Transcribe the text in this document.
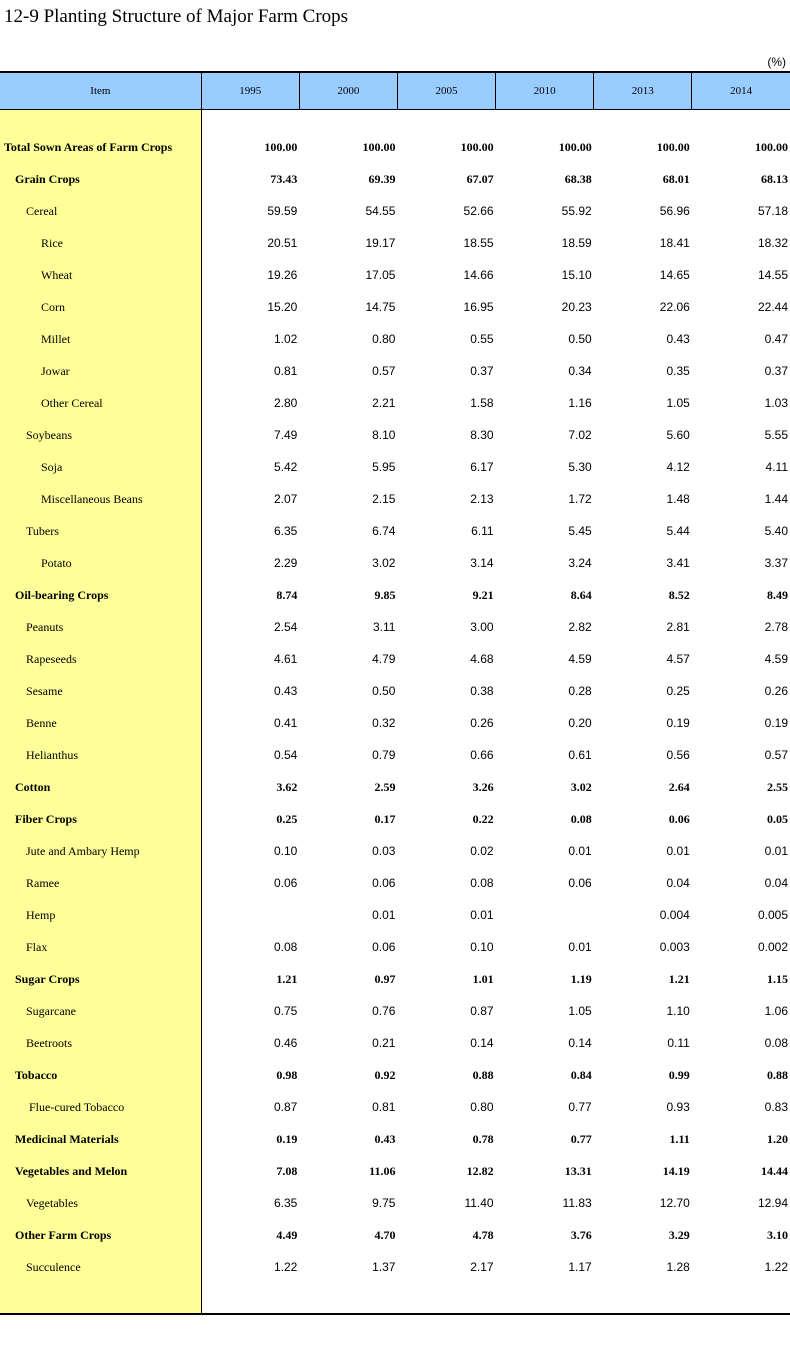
12-9 Planting Structure of Major Farm Crops
(%)
Item	1995	2000	2005	2010	2013	2014

Total Sown Areas of Farm Crops	100.00	100.00	100.00	100.00	100.00	100.00
Grain Crops	73.43	69.39	67.07	68.38	68.01	68.13
Cereal	59.59	54.55	52.66	55.92	56.96	57.18
Rice	20.51	19.17	18.55	18.59	18.41	18.32
Wheat	19.26	17.05	14.66	15.10	14.65	14.55
Corn	15.20	14.75	16.95	20.23	22.06	22.44
Millet	1.02	0.80	0.55	0.50	0.43	0.47
Jowar	0.81	0.57	0.37	0.34	0.35	0.37
Other Cereal	2.80	2.21	1.58	1.16	1.05	1.03
Soybeans	7.49	8.10	8.30	7.02	5.60	5.55
Soja	5.42	5.95	6.17	5.30	4.12	4.11
Miscellaneous Beans	2.07	2.15	2.13	1.72	1.48	1.44
Tubers	6.35	6.74	6.11	5.45	5.44	5.40
Potato	2.29	3.02	3.14	3.24	3.41	3.37
Oil-bearing Crops	8.74	9.85	9.21	8.64	8.52	8.49
Peanuts	2.54	3.11	3.00	2.82	2.81	2.78
Rapeseeds	4.61	4.79	4.68	4.59	4.57	4.59
Sesame	0.43	0.50	0.38	0.28	0.25	0.26
Benne	0.41	0.32	0.26	0.20	0.19	0.19
Helianthus	0.54	0.79	0.66	0.61	0.56	0.57
Cotton	3.62	2.59	3.26	3.02	2.64	2.55
Fiber Crops	0.25	0.17	0.22	0.08	0.06	0.05
Jute and Ambary Hemp	0.10	0.03	0.02	0.01	0.01	0.01
Ramee	0.06	0.06	0.08	0.06	0.04	0.04
Hemp		0.01	0.01		0.004	0.005
Flax	0.08	0.06	0.10	0.01	0.003	0.002
Sugar Crops	1.21	0.97	1.01	1.19	1.21	1.15
Sugarcane	0.75	0.76	0.87	1.05	1.10	1.06
Beetroots	0.46	0.21	0.14	0.14	0.11	0.08
Tobacco	0.98	0.92	0.88	0.84	0.99	0.88
Flue-cured Tobacco	0.87	0.81	0.80	0.77	0.93	0.83
Medicinal Materials	0.19	0.43	0.78	0.77	1.11	1.20
Vegetables and Melon	7.08	11.06	12.82	13.31	14.19	14.44
Vegetables	6.35	9.75	11.40	11.83	12.70	12.94
Other Farm Crops	4.49	4.70	4.78	3.76	3.29	3.10
Succulence	1.22	1.37	2.17	1.17	1.28	1.22
